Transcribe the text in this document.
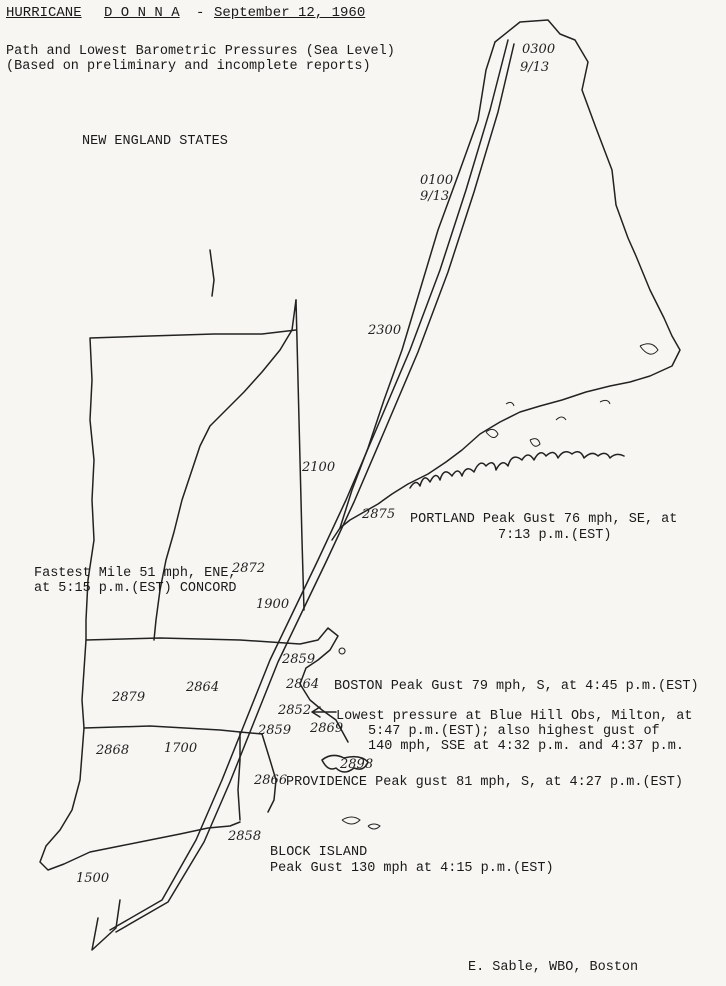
HURRICANE D O N N A - September 12, 1960
Path and Lowest Barometric Pressures (Sea Level)
(Based on preliminary and incomplete reports)
NEW ENGLAND STATES
0300
9/13
0100
9/13
2300
2100
1900
1700
1500
2875
2872
2859
2864
2879
2864
2852
2859 2869
2868
2898
2866
2858
PORTLAND Peak Gust 76 mph, SE, at
7:13 p.m.(EST)
Fastest Mile 51 mph, ENE,
at 5:15 p.m.(EST) CONCORD
BOSTON Peak Gust 79 mph, S, at 4:45 p.m.(EST)
Lowest pressure at Blue Hill Obs, Milton, at
5:47 p.m.(EST); also highest gust of
140 mph, SSE at 4:32 p.m. and 4:37 p.m.
PROVIDENCE Peak gust 81 mph, S, at 4:27 p.m.(EST)
BLOCK ISLAND
Peak Gust 130 mph at 4:15 p.m.(EST)
E. Sable, WBO, Boston
